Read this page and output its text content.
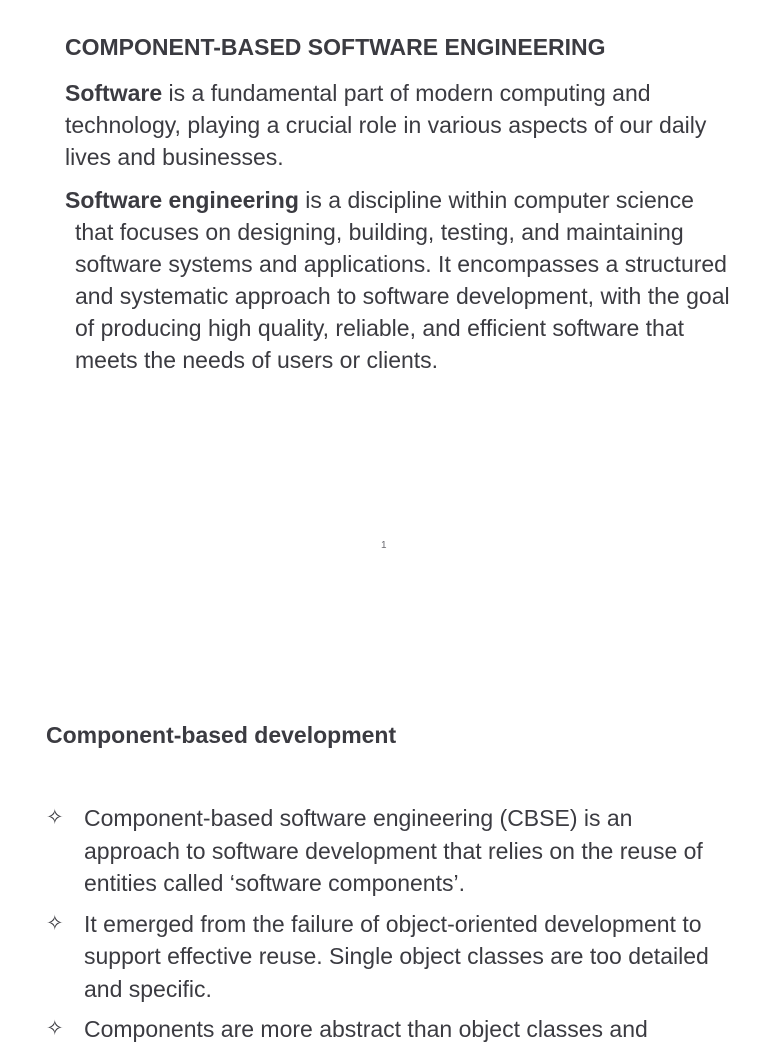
COMPONENT-BASED SOFTWARE ENGINEERING

Software is a fundamental part of modern computing and technology, playing a crucial role in various aspects of our daily lives and businesses.

Software engineering is a discipline within computer science that focuses on designing, building, testing, and maintaining software systems and applications. It encompasses a structured and systematic approach to software development, with the goal of producing high quality, reliable, and efficient software that meets the needs of users or clients.

1
Component-based development
✧ Component-based software engineering (CBSE) is an approach to software development that relies on the reuse of entities called ‘software components’.
✧ It emerged from the failure of object-oriented development to support effective reuse. Single object classes are too detailed and specific.
✧ Components are more abstract than object classes and
